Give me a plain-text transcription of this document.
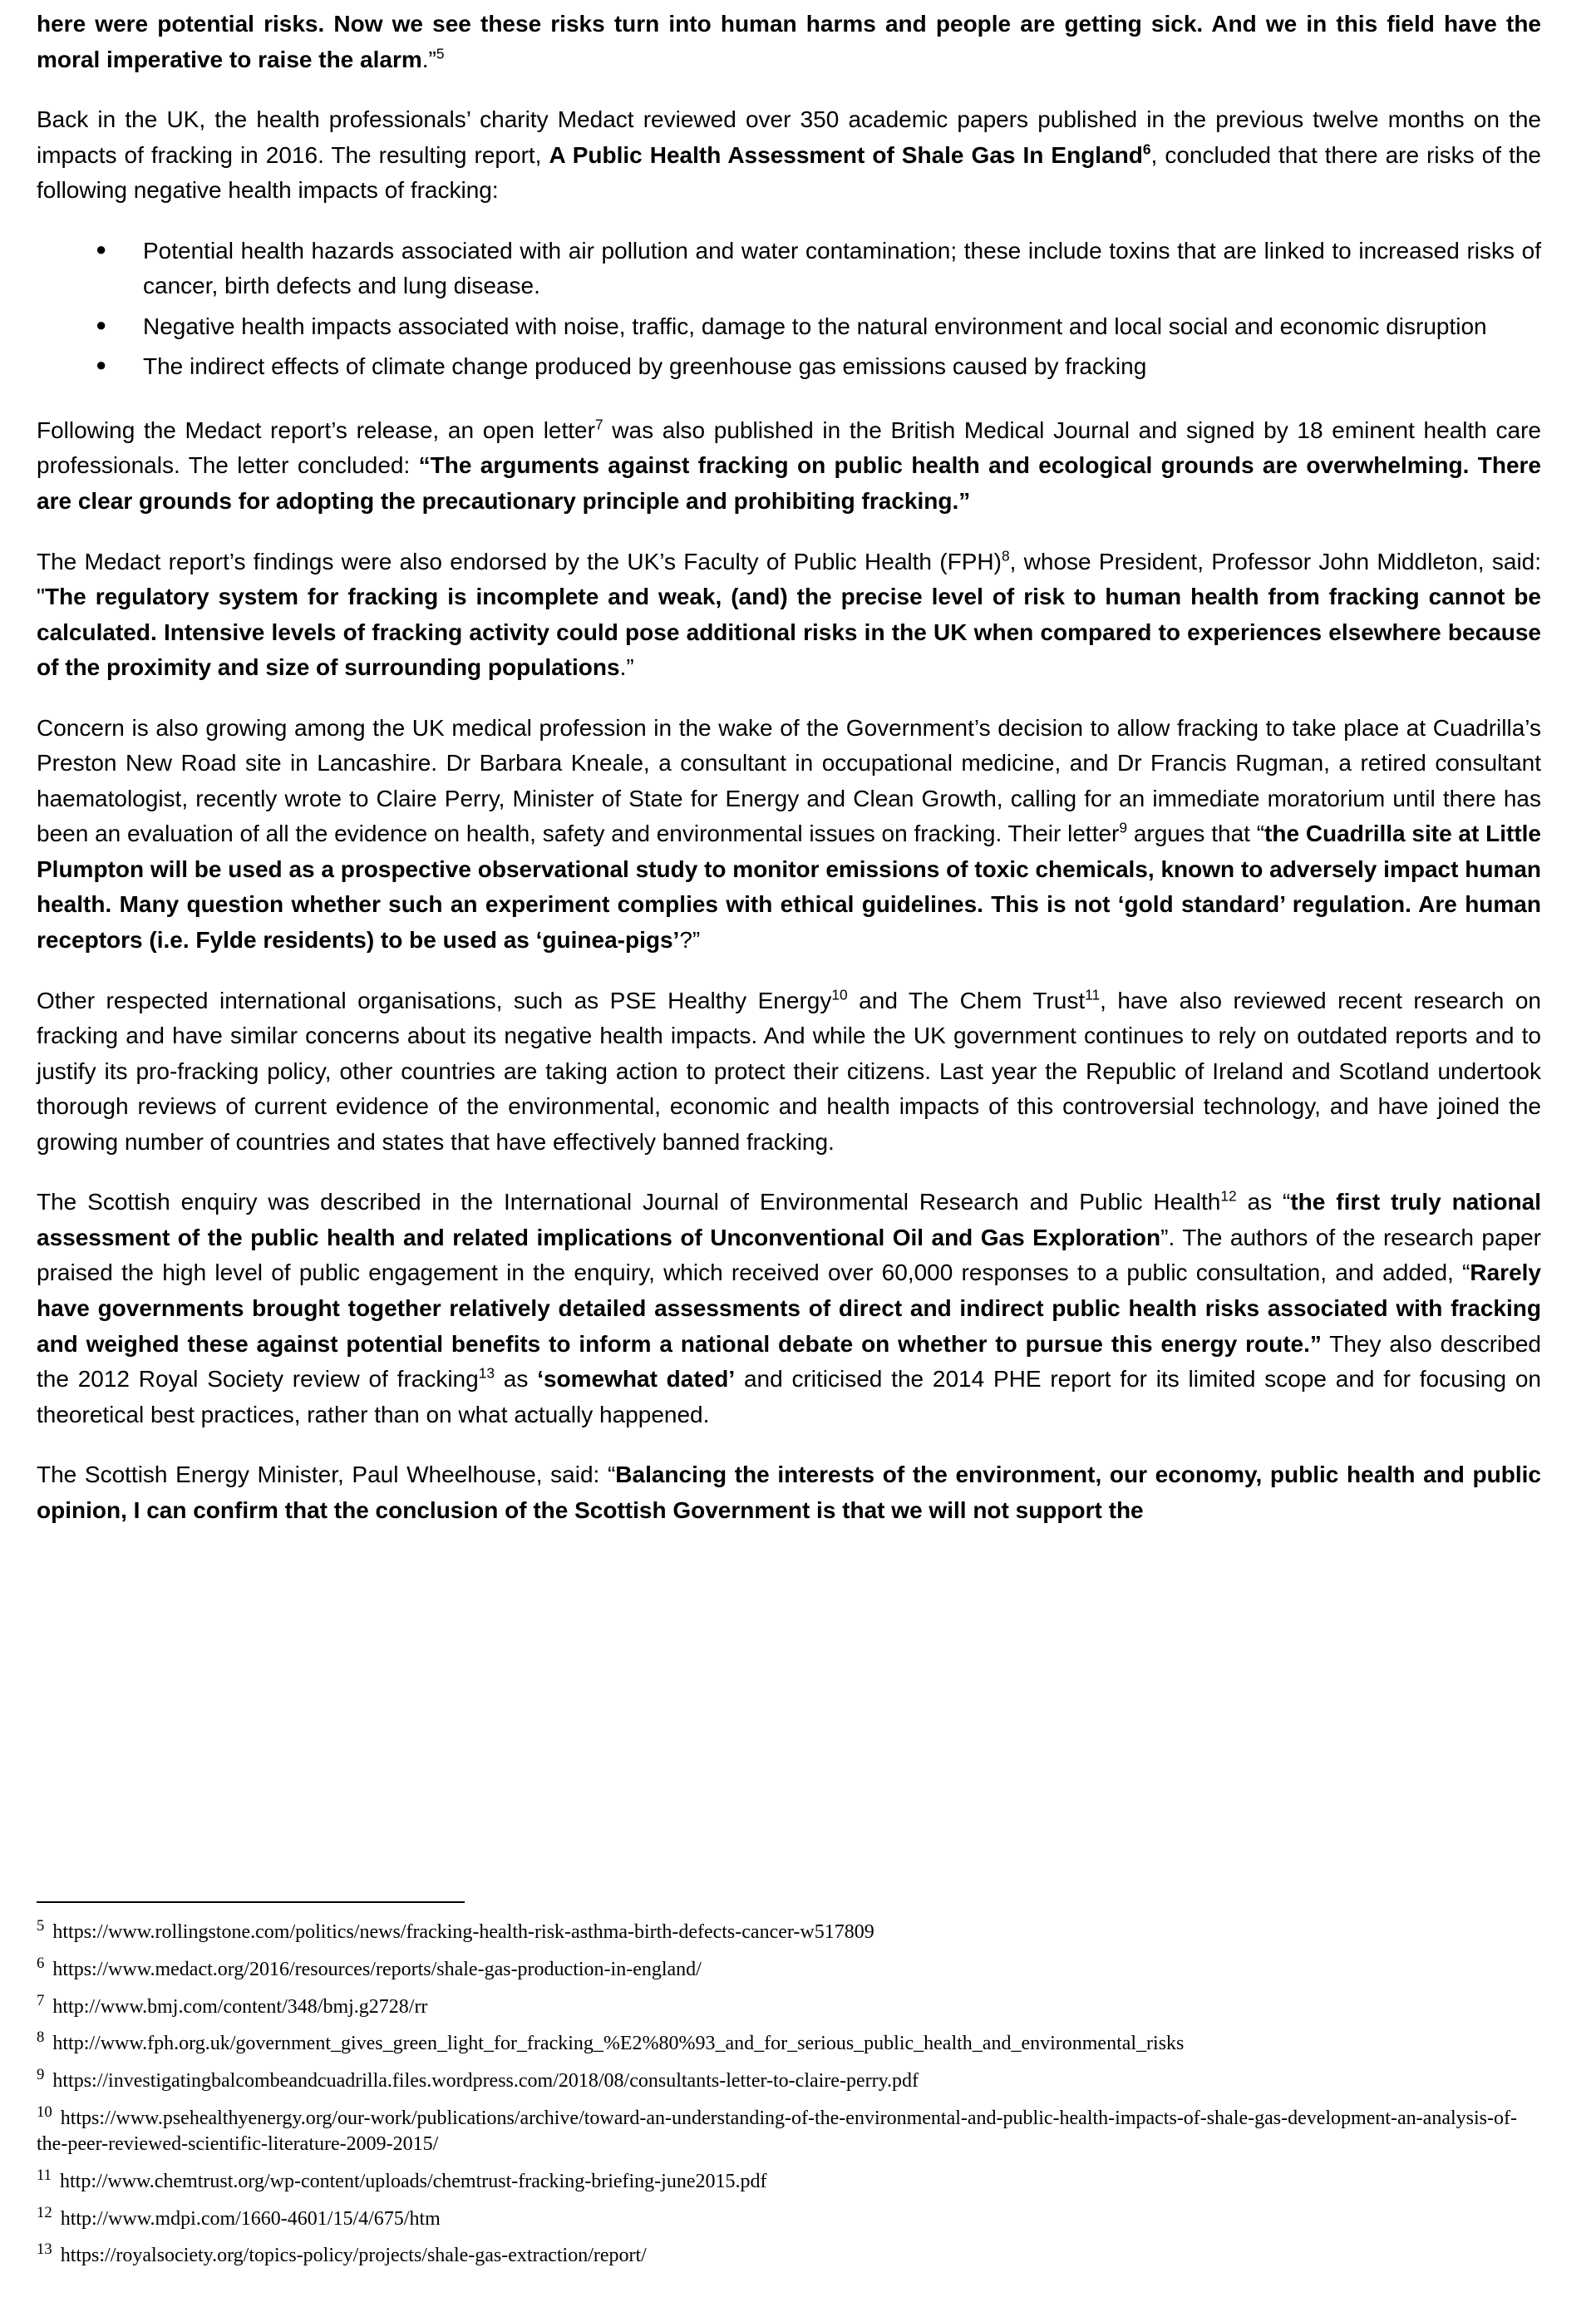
here were potential risks. Now we see these risks turn into human harms and people are getting sick. And we in this field have the moral imperative to raise the alarm.”$^5$

Back in the UK, the health professionals’ charity Medact reviewed over 350 academic papers published in the previous twelve months on the impacts of fracking in 2016. The resulting report, A Public Health Assessment of Shale Gas In England$^6$, concluded that there are risks of the following negative health impacts of fracking:

● Potential health hazards associated with air pollution and water contamination; these include toxins that are linked to increased risks of cancer, birth defects and lung disease.
● Negative health impacts associated with noise, traffic, damage to the natural environment and local social and economic disruption
● The indirect effects of climate change produced by greenhouse gas emissions caused by fracking

Following the Medact report’s release, an open letter$^7$ was also published in the British Medical Journal and signed by 18 eminent health care professionals. The letter concluded: “The arguments against fracking on public health and ecological grounds are overwhelming. There are clear grounds for adopting the precautionary principle and prohibiting fracking.”

The Medact report’s findings were also endorsed by the UK’s Faculty of Public Health (FPH)$^8$, whose President, Professor John Middleton, said: "The regulatory system for fracking is incomplete and weak, (and) the precise level of risk to human health from fracking cannot be calculated. Intensive levels of fracking activity could pose additional risks in the UK when compared to experiences elsewhere because of the proximity and size of surrounding populations.”

Concern is also growing among the UK medical profession in the wake of the Government’s decision to allow fracking to take place at Cuadrilla’s Preston New Road site in Lancashire. Dr Barbara Kneale, a consultant in occupational medicine, and Dr Francis Rugman, a retired consultant haematologist, recently wrote to Claire Perry, Minister of State for Energy and Clean Growth, calling for an immediate moratorium until there has been an evaluation of all the evidence on health, safety and environmental issues on fracking. Their letter$^9$ argues that “the Cuadrilla site at Little Plumpton will be used as a prospective observational study to monitor emissions of toxic chemicals, known to adversely impact human health. Many question whether such an experiment complies with ethical guidelines. This is not ‘gold standard’ regulation. Are human receptors (i.e. Fylde residents) to be used as ‘guinea-pigs’?”

Other respected international organisations, such as PSE Healthy Energy$^{10}$ and The Chem Trust$^{11}$, have also reviewed recent research on fracking and have similar concerns about its negative health impacts. And while the UK government continues to rely on outdated reports and to justify its pro-fracking policy, other countries are taking action to protect their citizens. Last year the Republic of Ireland and Scotland undertook thorough reviews of current evidence of the environmental, economic and health impacts of this controversial technology, and have joined the growing number of countries and states that have effectively banned fracking.

The Scottish enquiry was described in the International Journal of Environmental Research and Public Health$^{12}$ as “the first truly national assessment of the public health and related implications of Unconventional Oil and Gas Exploration”. The authors of the research paper praised the high level of public engagement in the enquiry, which received over 60,000 responses to a public consultation, and added, “Rarely have governments brought together relatively detailed assessments of direct and indirect public health risks associated with fracking and weighed these against potential benefits to inform a national debate on whether to pursue this energy route.” They also described the 2012 Royal Society review of fracking$^{13}$ as ‘somewhat dated’ and criticised the 2014 PHE report for its limited scope and for focusing on theoretical best practices, rather than on what actually happened.

The Scottish Energy Minister, Paul Wheelhouse, said: “Balancing the interests of the environment, our economy, public health and public opinion, I can confirm that the conclusion of the Scottish Government is that we will not support the

$^5$ https://www.rollingstone.com/politics/news/fracking-health-risk-asthma-birth-defects-cancer-w517809
$^6$ https://www.medact.org/2016/resources/reports/shale-gas-production-in-england/
$^7$ http://www.bmj.com/content/348/bmj.g2728/rr
$^8$ http://www.fph.org.uk/government_gives_green_light_for_fracking_%E2%80%93_and_for_serious_public_health_and_environmental_risks
$^9$ https://investigatingbalcombeandcuadrilla.files.wordpress.com/2018/08/consultants-letter-to-claire-perry.pdf
$^{10}$ https://www.psehealthyenergy.org/our-work/publications/archive/toward-an-understanding-of-the-environmental-and-public-health-impacts-of-shale-gas-development-an-analysis-of-the-peer-reviewed-scientific-literature-2009-2015/
$^{11}$ http://www.chemtrust.org/wp-content/uploads/chemtrust-fracking-briefing-june2015.pdf
$^{12}$ http://www.mdpi.com/1660-4601/15/4/675/htm
$^{13}$ https://royalsociety.org/topics-policy/projects/shale-gas-extraction/report/
